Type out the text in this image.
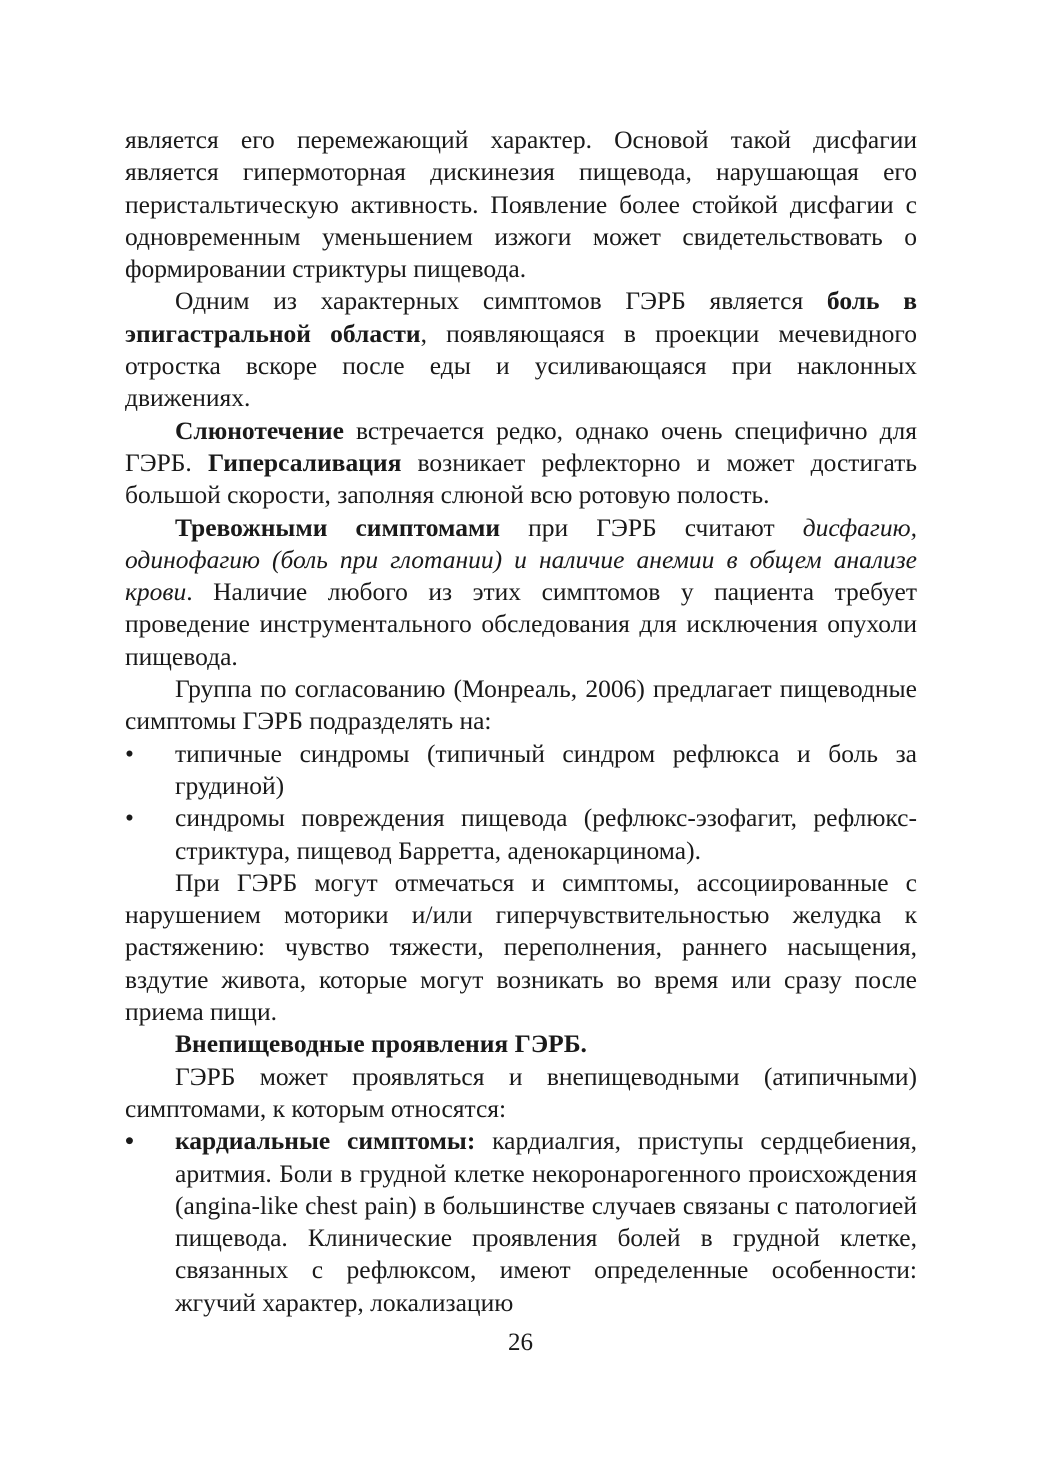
является его перемежающий характер. Основой такой дисфагии является гипермоторная дискинезия пищевода, нарушающая его перистальтическую активность. Появление более стойкой дисфагии с одновременным уменьшением изжоги может свидетельствовать о формировании стриктуры пищевода.

Одним из характерных симптомов ГЭРБ является боль в эпигастральной области, появляющаяся в проекции мечевидного отростка вскоре после еды и усиливающаяся при наклонных движениях.

Слюнотечение встречается редко, однако очень специфично для ГЭРБ. Гиперсаливация возникает рефлекторно и может достигать большой скорости, заполняя слюной всю ротовую полость.

Тревожными симптомами при ГЭРБ считают дисфагию, одинофагию (боль при глотании) и наличие анемии в общем анализе крови. Наличие любого из этих симптомов у пациента требует проведение инструментального обследования для исключения опухоли пищевода.

Группа по согласованию (Монреаль, 2006) предлагает пищеводные симптомы ГЭРБ подразделять на:

• типичные синдромы (типичный синдром рефлюкса и боль за грудиной)
• синдромы повреждения пищевода (рефлюкс-эзофагит, рефлюкс-стриктура, пищевод Барретта, аденокарцинома).

При ГЭРБ могут отмечаться и симптомы, ассоциированные с нарушением моторики и/или гиперчувствительностью желудка к растяжению: чувство тяжести, переполнения, раннего насыщения, вздутие живота, которые могут возникать во время или сразу после приема пищи.

Внепищеводные проявления ГЭРБ.

ГЭРБ может проявляться и внепищеводными (атипичными) симптомами, к которым относятся:

• кардиальные симптомы: кардиалгия, приступы сердцебиения, аритмия. Боли в грудной клетке некоронарогенного происхождения (angina-like chest pain) в большинстве случаев связаны с патологией пищевода. Клинические проявления болей в грудной клетке, связанных с рефлюксом, имеют определенные особенности: жгучий характер, локализацию
26
